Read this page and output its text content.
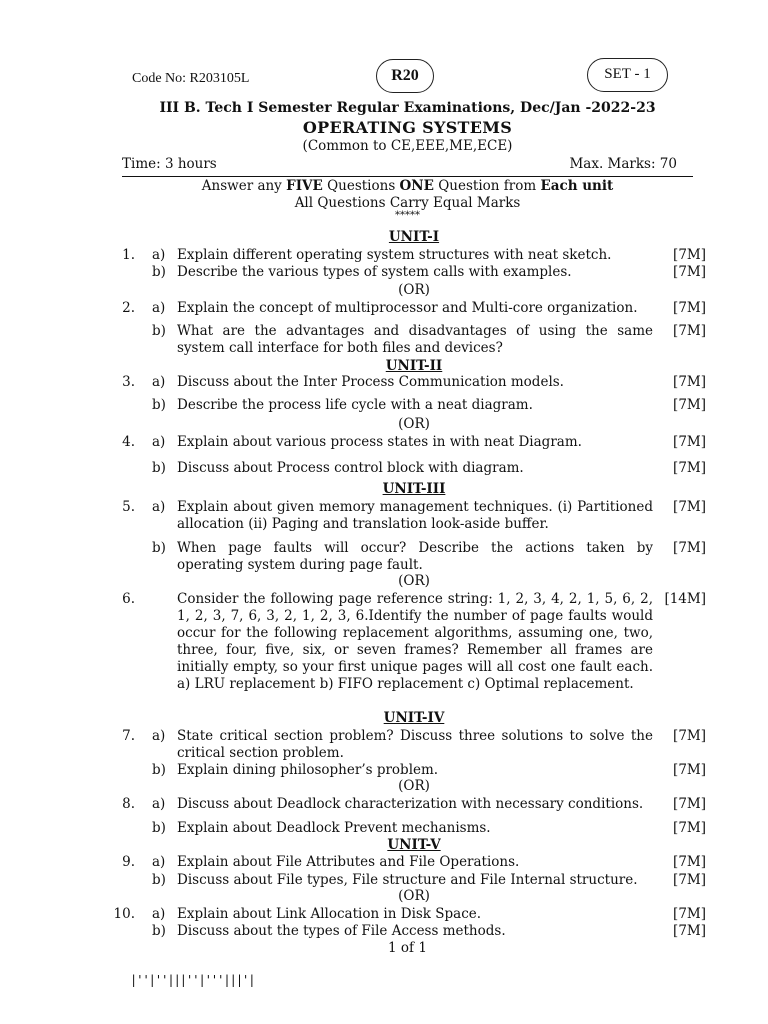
Code No: R203105L	R20	SET - 1
III B. Tech I Semester Regular Examinations, Dec/Jan -2022-23
OPERATING SYSTEMS
(Common to CE,EEE,ME,ECE)
Time: 3 hours	Max. Marks: 70
Answer any FIVE Questions ONE Question from Each unit
All Questions Carry Equal Marks
*****
UNIT-I
1. a) Explain different operating system structures with neat sketch.	[7M]
b) Describe the various types of system calls with examples.	[7M]
(OR)
2. a) Explain the concept of multiprocessor and Multi-core organization.	[7M]
b) What are the advantages and disadvantages of using the same system call interface for both files and devices?
[7M]
UNIT-II
3. a) Discuss about the Inter Process Communication models.	[7M]
b) Describe the process life cycle with a neat diagram.	[7M]
(OR)
4. a) Explain about various process states in with neat Diagram.	[7M]
b) Discuss about Process control block with diagram.	[7M]
UNIT-III
5. a) Explain about given memory management techniques. (i) Partitioned allocation (ii) Paging and translation look-aside buffer.
[7M]
b) When page faults will occur? Describe the actions taken by operating system during page fault.
[7M]
(OR)
6.	Consider the following page reference string: 1, 2, 3, 4, 2, 1, 5, 6, 2, 1, 2, 3, 7, 6, 3, 2, 1, 2, 3, 6.Identify the number of page faults would occur for the following replacement algorithms, assuming one, two, three, four, five, six, or seven frames? Remember all frames are initially empty, so your first unique pages will all cost one fault each. a) LRU replacement b) FIFO replacement c) Optimal replacement.
[14M]
UNIT-IV
7. a) State critical section problem? Discuss three solutions to solve the critical section problem.
[7M]
b) Explain dining philosopher’s problem.	[7M]
(OR)
8. a) Discuss about Deadlock characterization with necessary conditions.	[7M]
b) Explain about Deadlock Prevent mechanisms.	[7M]
UNIT-V
9. a) Explain about File Attributes and File Operations.	[7M]
b) Discuss about File types, File structure and File Internal structure.	[7M]
(OR)
10. a) Explain about Link Allocation in Disk Space.	[7M]
b) Discuss about the types of File Access methods.	[7M]
1 of 1
|''|''|||''|'''|||'|
